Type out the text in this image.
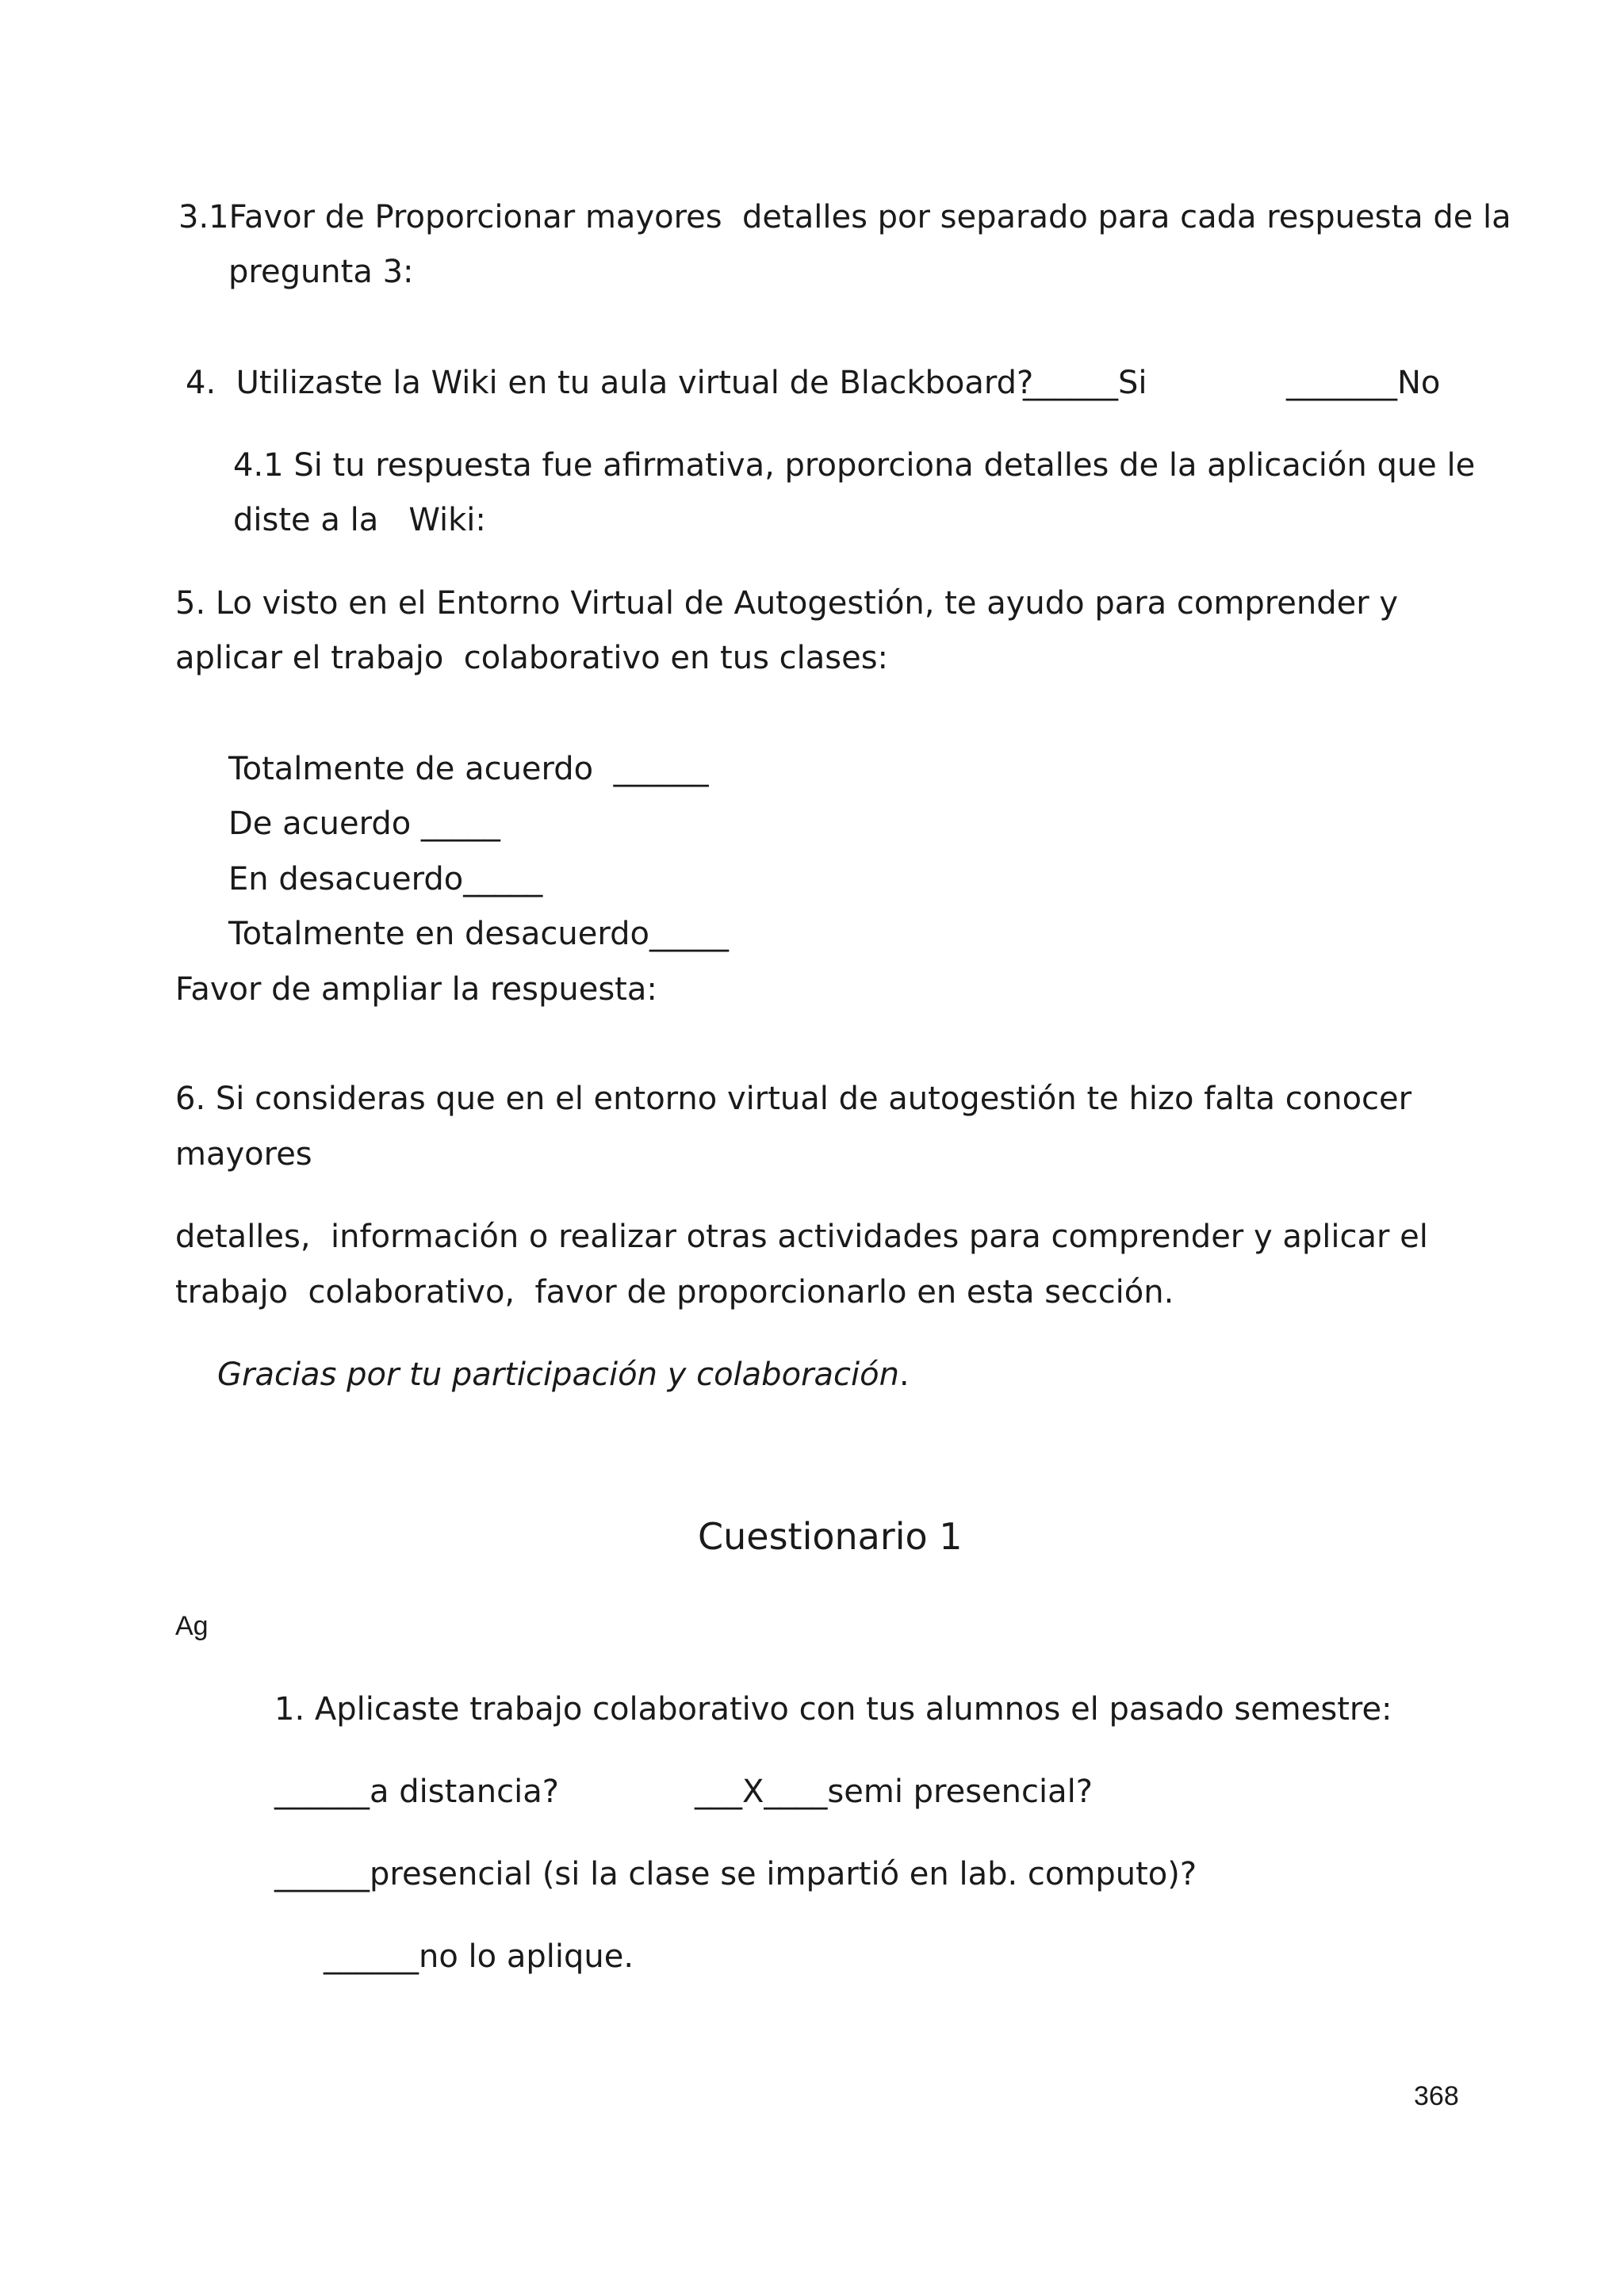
3.1Favor de Proporcionar mayores  detalles por separado para cada respuesta de la
pregunta 3:
4.  Utilizaste la Wiki en tu aula virtual de Blackboard?
______Si	_______No
4.1 Si tu respuesta fue afirmativa, proporciona detalles de la aplicación que le
diste a la   Wiki:
5. Lo visto en el Entorno Virtual de Autogestión, te ayudo para comprender y
aplicar el trabajo  colaborativo en tus clases:
Totalmente de acuerdo  ______
De acuerdo _____
En desacuerdo_____
Totalmente en desacuerdo_____
Favor de ampliar la respuesta:
6. Si consideras que en el entorno virtual de autogestión te hizo falta conocer
mayores
detalles,  información o realizar otras actividades para comprender y aplicar el
trabajo  colaborativo,  favor de proporcionarlo en esta sección.
Gracias por tu participación y colaboración.
Cuestionario 1
Ag
1. Aplicaste trabajo colaborativo con tus alumnos el pasado semestre:
______a distancia?	___X____semi presencial?
______presencial (si la clase se impartió en lab. computo)?
______no lo aplique.
368
